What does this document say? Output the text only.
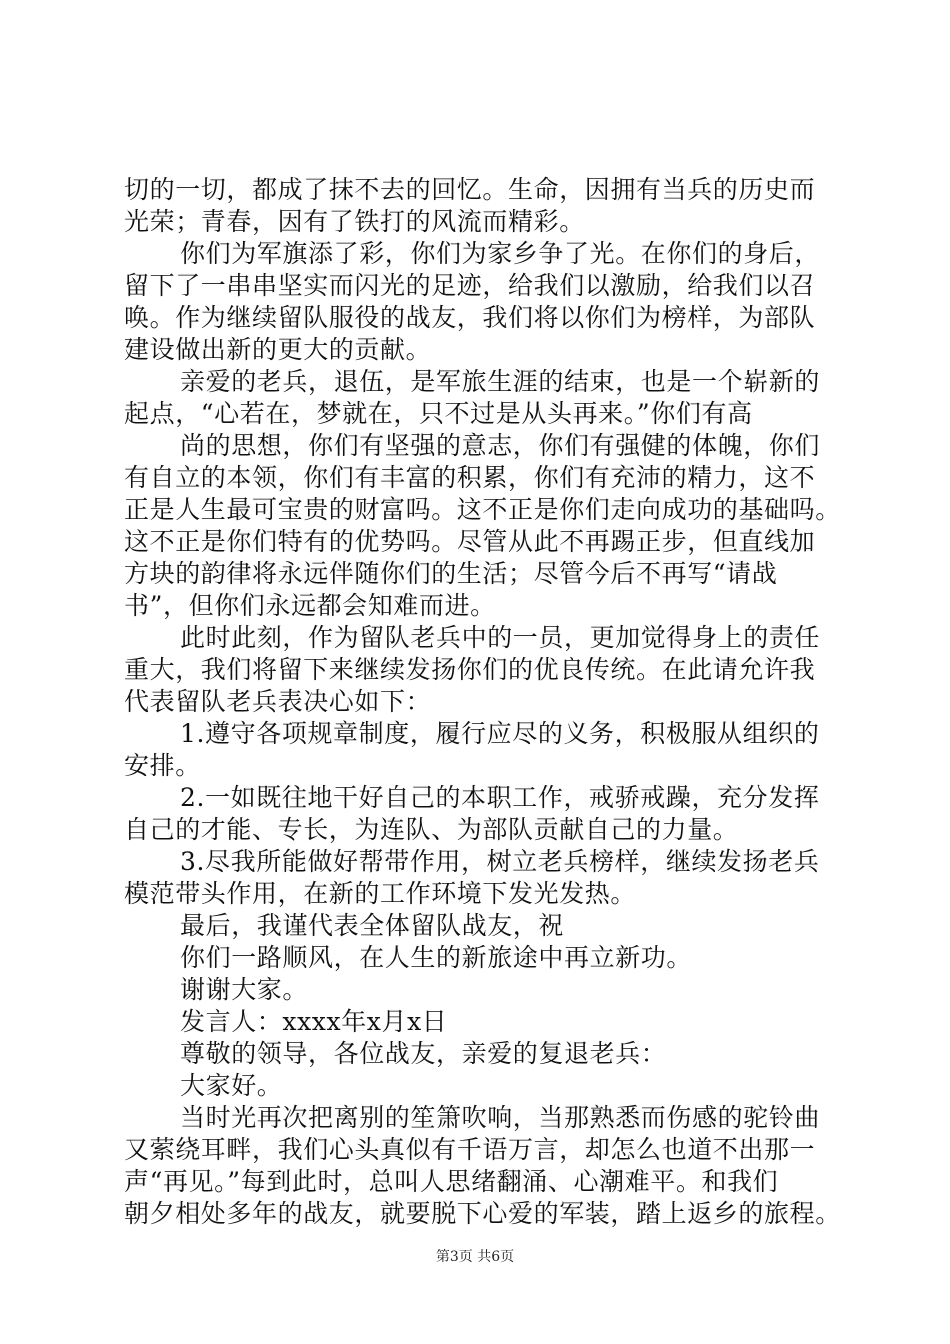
切的一切，都成了抹不去的回忆。生命，因拥有当兵的历史而
光荣；青春，因有了铁打的风流而精彩。
你们为军旗添了彩，你们为家乡争了光。在你们的身后，
留下了一串串坚实而闪光的足迹，给我们以激励，给我们以召
唤。作为继续留队服役的战友，我们将以你们为榜样，为部队
建设做出新的更大的贡献。
亲爱的老兵，退伍，是军旅生涯的结束，也是一个崭新的
起点，“心若在，梦就在，只不过是从头再来。”你们有高
尚的思想，你们有坚强的意志，你们有强健的体魄，你们
有自立的本领，你们有丰富的积累，你们有充沛的精力，这不
正是人生最可宝贵的财富吗。这不正是你们走向成功的基础吗。
这不正是你们特有的优势吗。尽管从此不再踢正步，但直线加
方块的韵律将永远伴随你们的生活；尽管今后不再写“请战
书”，但你们永远都会知难而进。
此时此刻，作为留队老兵中的一员，更加觉得身上的责任
重大，我们将留下来继续发扬你们的优良传统。在此请允许我
代表留队老兵表决心如下：
1.遵守各项规章制度，履行应尽的义务，积极服从组织的
安排。
2.一如既往地干好自己的本职工作，戒骄戒躁，充分发挥
自己的才能、专长，为连队、为部队贡献自己的力量。
3.尽我所能做好帮带作用，树立老兵榜样，继续发扬老兵
模范带头作用，在新的工作环境下发光发热。
最后，我谨代表全体留队战友，祝
你们一路顺风，在人生的新旅途中再立新功。
谢谢大家。
发言人：xxxx年x月x日
尊敬的领导，各位战友，亲爱的复退老兵：
大家好。
当时光再次把离别的笙箫吹响，当那熟悉而伤感的驼铃曲
又萦绕耳畔，我们心头真似有千语万言，却怎么也道不出那一
声“再见。”每到此时，总叫人思绪翻涌、心潮难平。和我们
朝夕相处多年的战友，就要脱下心爱的军装，踏上返乡的旅程。
第3页 共6页
